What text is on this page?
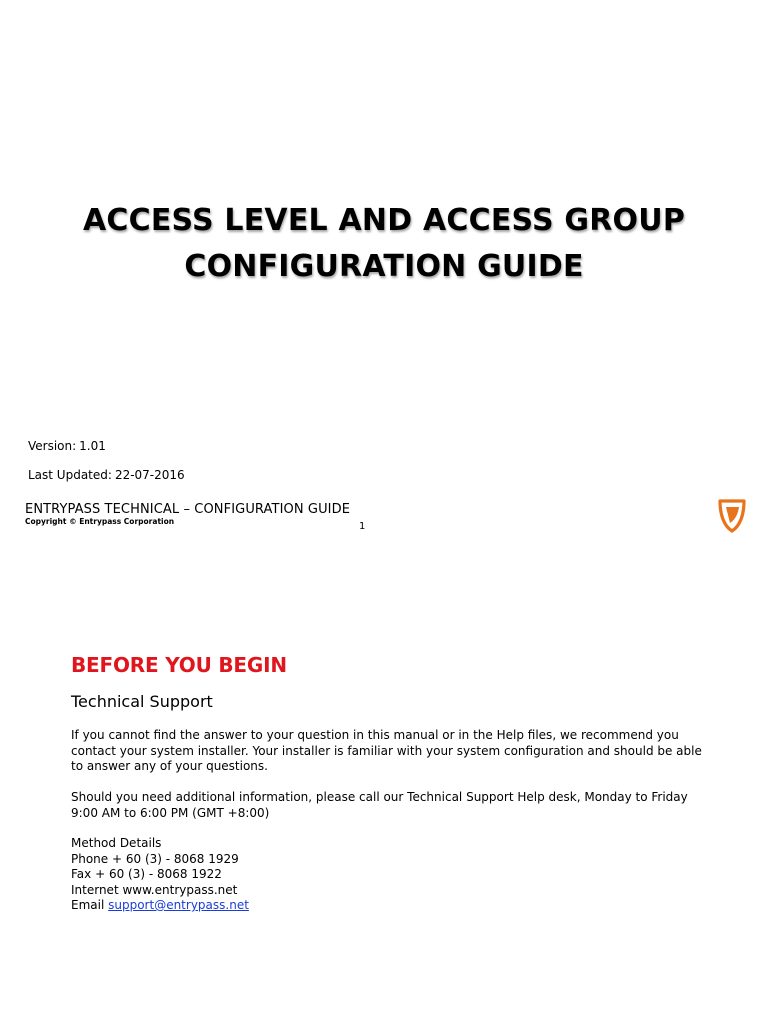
ACCESS LEVEL AND ACCESS GROUP
CONFIGURATION GUIDE
Version: 1.01
Last Updated: 22-07-2016
ENTRYPASS TECHNICAL – CONFIGURATION GUIDE
Copyright © Entrypass Corporation	1
BEFORE YOU BEGIN
Technical Support

If you cannot find the answer to your question in this manual or in the Help files, we recommend you
contact your system installer. Your installer is familiar with your system configuration and should be able
to answer any of your questions.

Should you need additional information, please call our Technical Support Help desk, Monday to Friday
9:00 AM to 6:00 PM (GMT +8:00)

Method Details
Phone + 60 (3) - 8068 1929
Fax + 60 (3) - 8068 1922
Internet www.entrypass.net
Email support@entrypass.net
